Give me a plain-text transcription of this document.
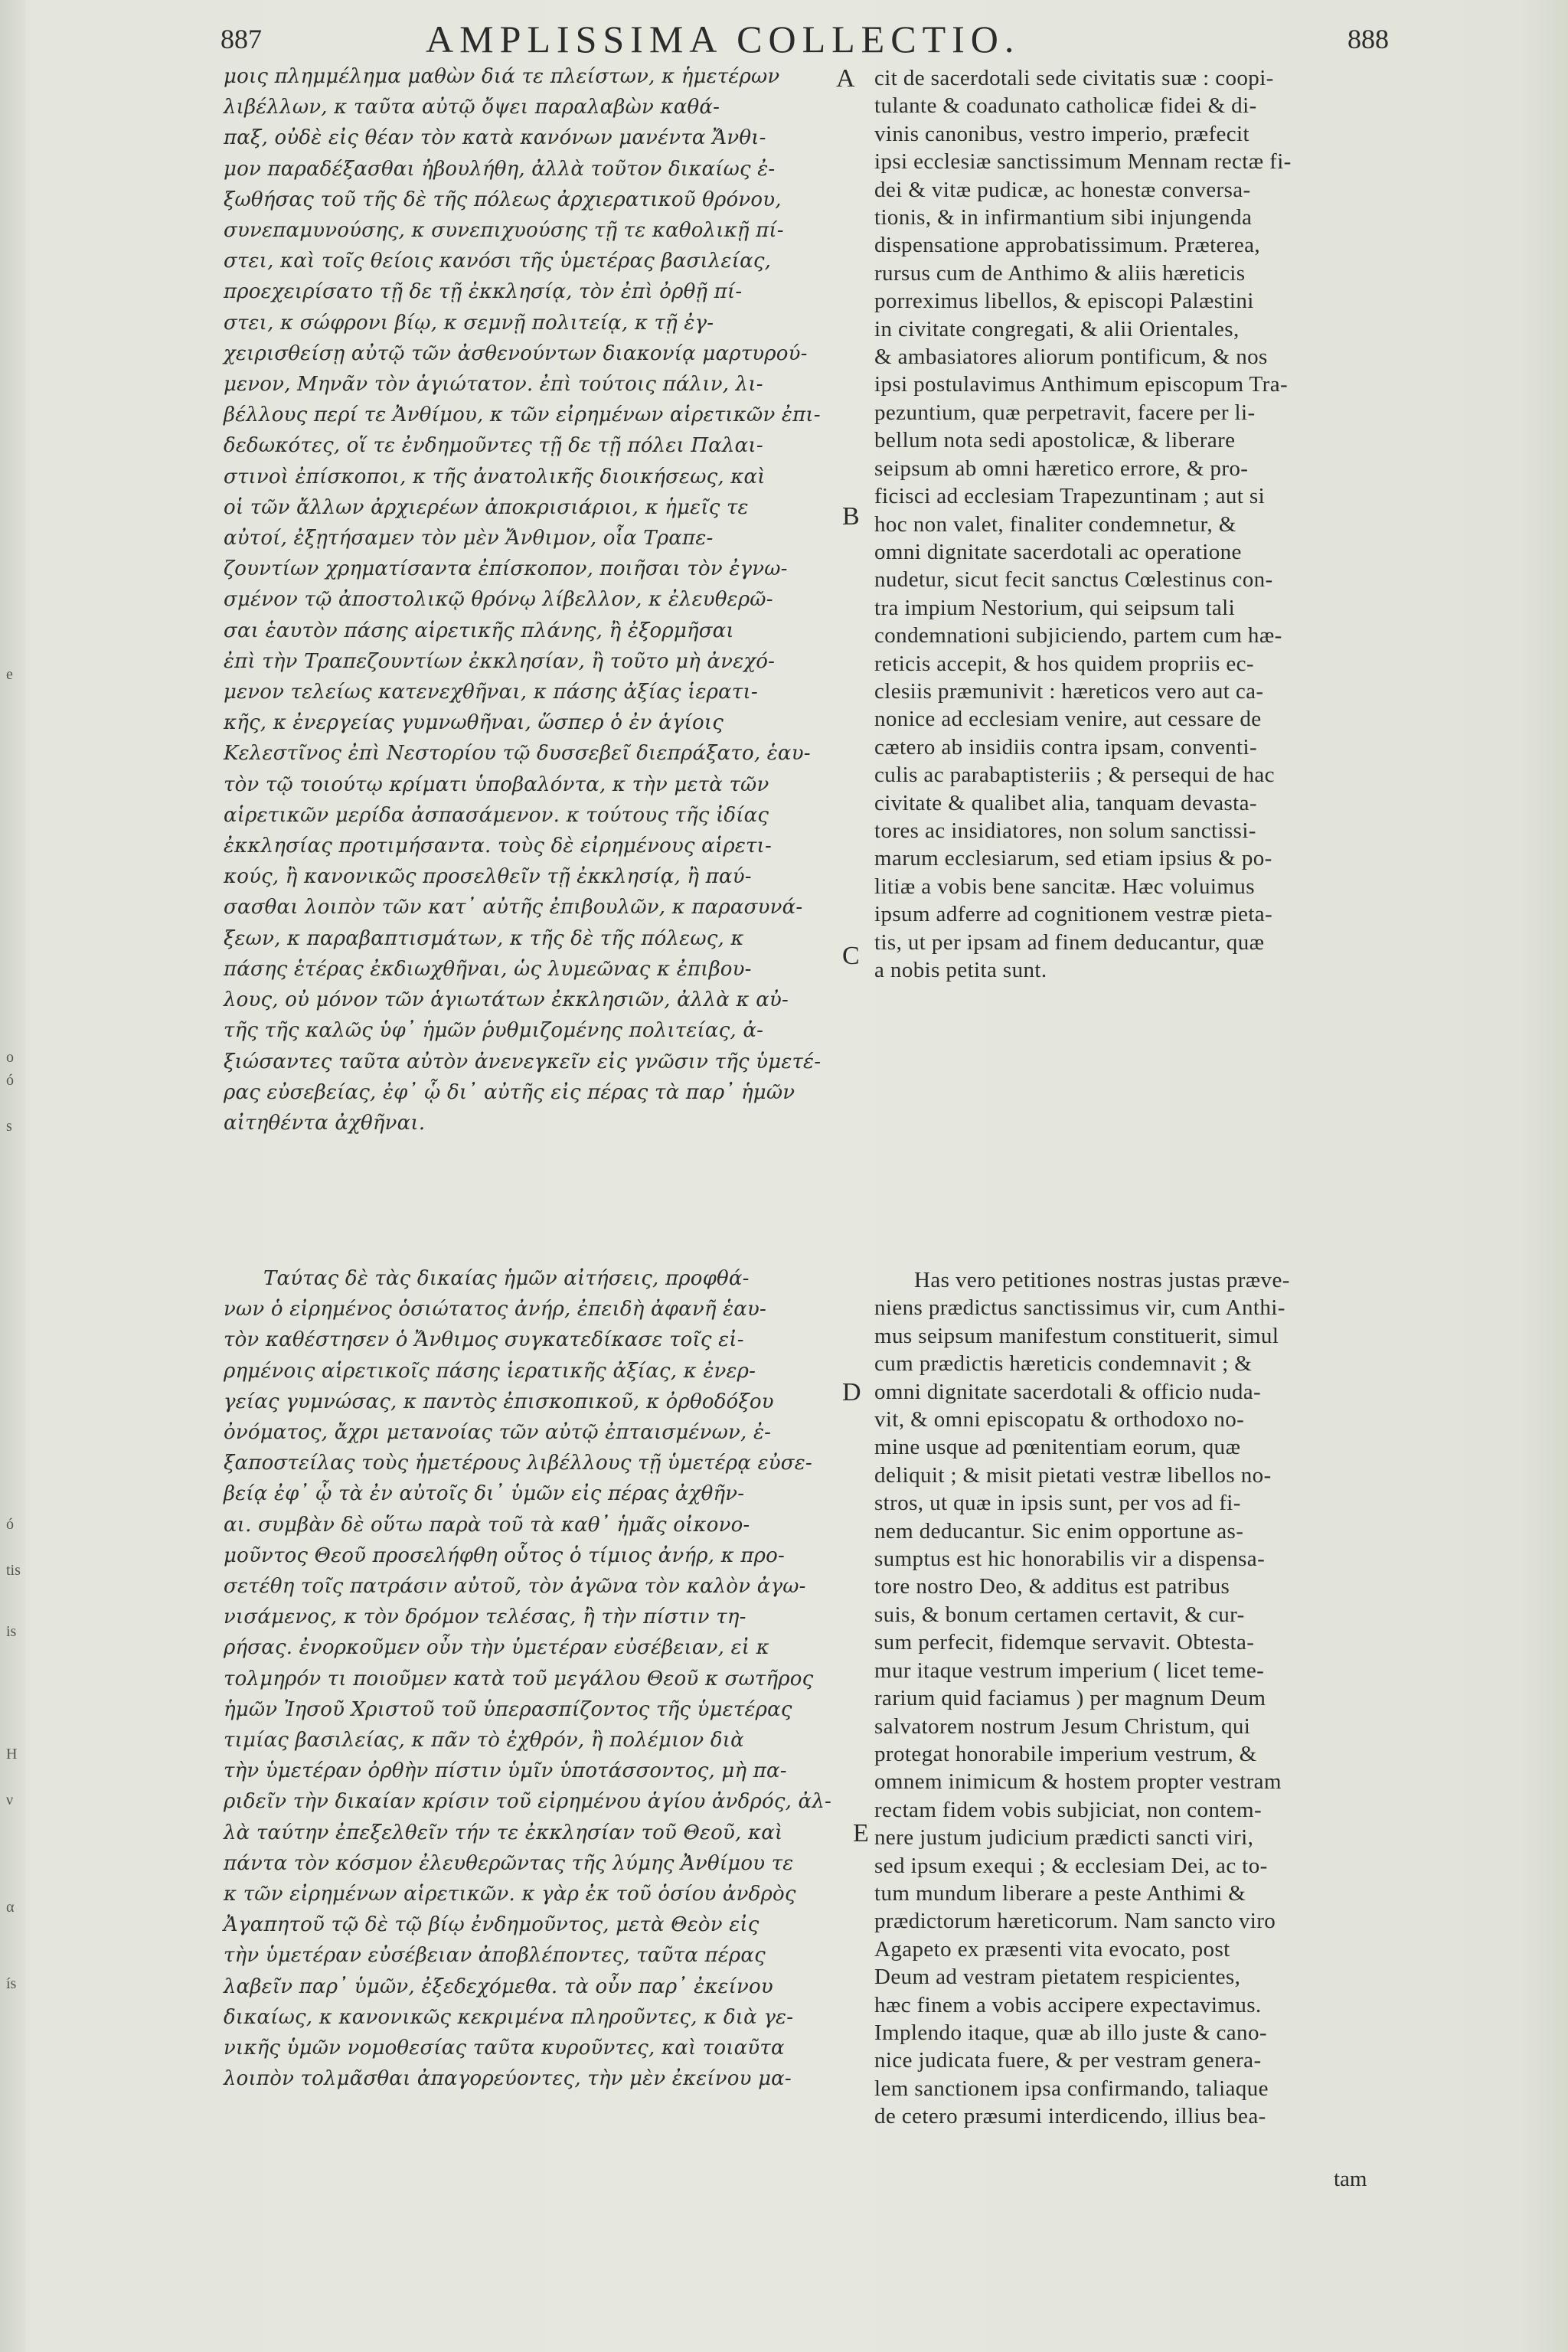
e
o
ó
s
ó
tis
is
H
ν
α
ís
887	AMPLISSIMA COLLECTIO.	888

μοις πλημμέλημα μαθὼν διά τε πλείστων, κ ἡμετέρων

λιβέλλων, κ ταῦτα αὐτῷ ὄψει παραλαβὼν καθά-

παξ, οὐδὲ εἰς θέαν τὸν κατὰ κανόνων μανέντα Ἄνθι-

μον παραδέξασθαι ἠβουλήθη, ἀλλὰ τοῦτον δικαίως ἐ-

ξωθήσας τοῦ τῆς δὲ τῆς πόλεως ἀρχιερατικοῦ θρόνου,

συνεπαμυνούσης, κ συνεπιχυούσης τῇ τε καθολικῇ πί-

στει, καὶ τοῖς θείοις κανόσι τῆς ὑμετέρας βασιλείας,

προεχειρίσατο τῇ δε τῇ ἐκκλησίᾳ, τὸν ἐπὶ ὀρθῇ πί-

στει, κ σώφρονι βίῳ, κ σεμνῇ πολιτείᾳ, κ τῇ ἐγ-

χειρισθείσῃ αὐτῷ τῶν ἀσθενούντων διακονίᾳ μαρτυρού-

μενον, Μηνᾶν τὸν ἁγιώτατον. ἐπὶ τούτοις πάλιν, λι-

βέλλους περί τε Ἀνθίμου, κ τῶν εἰρημένων αἱρετικῶν ἐπι-

δεδωκότες, οἵ τε ἐνδημοῦντες τῇ δε τῇ πόλει Παλαι-

στινοὶ ἐπίσκοποι, κ τῆς ἀνατολικῆς διοικήσεως, καὶ

οἱ τῶν ἄλλων ἀρχιερέων ἀποκρισιάριοι, κ ἡμεῖς τε

αὐτοί, ἐξῃτήσαμεν τὸν μὲν Ἄνθιμον, οἷα Τραπε-

ζουντίων χρηματίσαντα ἐπίσκοπον, ποιῆσαι τὸν ἐγνω-

σμένον τῷ ἀποστολικῷ θρόνῳ λίβελλον, κ ἐλευθερῶ-

σαι ἑαυτὸν πάσης αἱρετικῆς πλάνης, ἢ ἐξορμῆσαι

ἐπὶ τὴν Τραπεζουντίων ἐκκλησίαν, ἢ τοῦτο μὴ ἀνεχό-

μενον τελείως κατενεχθῆναι, κ πάσης ἀξίας ἱερατι-

κῆς, κ ἐνεργείας γυμνωθῆναι, ὥσπερ ὁ ἐν ἁγίοις

Κελεστῖνος ἐπὶ Νεστορίου τῷ δυσσεβεῖ διεπράξατο, ἑαυ-

τὸν τῷ τοιούτῳ κρίματι ὑποβαλόντα, κ τὴν μετὰ τῶν

αἱρετικῶν μερίδα ἀσπασάμενον. κ τούτους τῆς ἰδίας

ἐκκλησίας προτιμήσαντα. τοὺς δὲ εἰρημένους αἱρετι-

κούς, ἢ κανονικῶς προσελθεῖν τῇ ἐκκλησίᾳ, ἢ παύ-

σασθαι λοιπὸν τῶν κατ᾽ αὐτῆς ἐπιβουλῶν, κ παρασυνά-

ξεων, κ παραβαπτισμάτων, κ τῆς δὲ τῆς πόλεως, κ

πάσης ἑτέρας ἐκδιωχθῆναι, ὡς λυμεῶνας κ ἐπιβου-

λους, οὐ μόνον τῶν ἁγιωτάτων ἐκκλησιῶν, ἀλλὰ κ αὐ-

τῆς τῆς καλῶς ὑφ᾽ ἡμῶν ῥυθμιζομένης πολιτείας, ἀ-

ξιώσαντες ταῦτα αὐτὸν ἀνενεγκεῖν εἰς γνῶσιν τῆς ὑμετέ-

ρας εὐσεβείας, ἐφ᾽ ᾧ δι᾽ αὐτῆς εἰς πέρας τὰ παρ᾽ ἡμῶν

αἰτηθέντα ἀχθῆναι.

cit de sacerdotali sede civitatis suæ : coopi-

tulante & coadunato catholicæ fidei & di-

vinis canonibus, vestro imperio, præfecit

ipsi ecclesiæ sanctissimum Mennam rectæ fi-

dei & vitæ pudicæ, ac honestæ conversa-

tionis, & in infirmantium sibi injungenda

dispensatione approbatissimum. Præterea,

rursus cum de Anthimo & aliis hæreticis

porreximus libellos, & episcopi Palæstini

in civitate congregati, & alii Orientales,

& ambasiatores aliorum pontificum, & nos

ipsi postulavimus Anthimum episcopum Tra-

pezuntium, quæ perpetravit, facere per li-

bellum nota sedi apostolicæ, & liberare

seipsum ab omni hæretico errore, & pro-

ficisci ad ecclesiam Trapezuntinam ; aut si

hoc non valet, finaliter condemnetur, &

omni dignitate sacerdotali ac operatione

nudetur, sicut fecit sanctus Cœlestinus con-

tra impium Nestorium, qui seipsum tali

condemnationi subjiciendo, partem cum hæ-

reticis accepit, & hos quidem propriis ec-

clesiis præmunivit : hæreticos vero aut ca-

nonice ad ecclesiam venire, aut cessare de

cætero ab insidiis contra ipsam, conventi-

culis ac parabaptisteriis ; & persequi de hac

civitate & qualibet alia, tanquam devasta-

tores ac insidiatores, non solum sanctissi-

marum ecclesiarum, sed etiam ipsius & po-

litiæ a vobis bene sancitæ. Hæc voluimus

ipsum adferre ad cognitionem vestræ pieta-

tis, ut per ipsam ad finem deducantur, quæ

a nobis petita sunt.

Ταύτας δὲ τὰς δικαίας ἡμῶν αἰτήσεις, προφθά-

νων ὁ εἰρημένος ὁσιώτατος ἀνήρ, ἐπειδὴ ἀφανῆ ἑαυ-

τὸν καθέστησεν ὁ Ἄνθιμος συγκατεδίκασε τοῖς εἰ-

ρημένοις αἱρετικοῖς πάσης ἱερατικῆς ἀξίας, κ ἐνερ-

γείας γυμνώσας, κ παντὸς ἐπισκοπικοῦ, κ ὀρθοδόξου

ὀνόματος, ἄχρι μετανοίας τῶν αὐτῷ ἐπταισμένων, ἐ-

ξαποστείλας τοὺς ἡμετέρους λιβέλλους τῇ ὑμετέρᾳ εὐσε-

βείᾳ ἐφ᾽ ᾧ τὰ ἐν αὐτοῖς δι᾽ ὑμῶν εἰς πέρας ἀχθῆν-

αι. συμβὰν δὲ οὕτω παρὰ τοῦ τὰ καθ᾽ ἡμᾶς οἰκονο-

μοῦντος Θεοῦ προσελήφθη οὗτος ὁ τίμιος ἀνήρ, κ προ-

σετέθη τοῖς πατράσιν αὐτοῦ, τὸν ἀγῶνα τὸν καλὸν ἀγω-

νισάμενος, κ τὸν δρόμον τελέσας, ἢ τὴν πίστιν τη-

ρήσας. ἐνορκοῦμεν οὖν τὴν ὑμετέραν εὐσέβειαν, εἰ κ

τολμηρόν τι ποιοῦμεν κατὰ τοῦ μεγάλου Θεοῦ κ σωτῆρος

ἡμῶν Ἰησοῦ Χριστοῦ τοῦ ὑπερασπίζοντος τῆς ὑμετέρας

τιμίας βασιλείας, κ πᾶν τὸ ἐχθρόν, ἢ πολέμιον διὰ

τὴν ὑμετέραν ὀρθὴν πίστιν ὑμῖν ὑποτάσσοντος, μὴ πα-

ριδεῖν τὴν δικαίαν κρίσιν τοῦ εἰρημένου ἁγίου ἀνδρός, ἀλ-

λὰ ταύτην ἐπεξελθεῖν τήν τε ἐκκλησίαν τοῦ Θεοῦ, καὶ

πάντα τὸν κόσμον ἐλευθερῶντας τῆς λύμης Ἀνθίμου τε

κ τῶν εἰρημένων αἱρετικῶν. κ γὰρ ἐκ τοῦ ὁσίου ἀνδρὸς

Ἀγαπητοῦ τῷ δὲ τῷ βίῳ ἐνδημοῦντος, μετὰ Θεὸν εἰς

τὴν ὑμετέραν εὐσέβειαν ἀποβλέποντες, ταῦτα πέρας

λαβεῖν παρ᾽ ὑμῶν, ἐξεδεχόμεθα. τὰ οὖν παρ᾽ ἐκείνου

δικαίως, κ κανονικῶς κεκριμένα πληροῦντες, κ διὰ γε-

νικῆς ὑμῶν νομοθεσίας ταῦτα κυροῦντες, καὶ τοιαῦτα

λοιπὸν τολμᾶσθαι ἀπαγορεύοντες, τὴν μὲν ἐκείνου μα-

Has vero petitiones nostras justas præve-

niens prædictus sanctissimus vir, cum Anthi-

mus seipsum manifestum constituerit, simul

cum prædictis hæreticis condemnavit ; &

omni dignitate sacerdotali & officio nuda-

vit, & omni episcopatu & orthodoxo no-

mine usque ad pœnitentiam eorum, quæ

deliquit ; & misit pietati vestræ libellos no-

stros, ut quæ in ipsis sunt, per vos ad fi-

nem deducantur. Sic enim opportune as-

sumptus est hic honorabilis vir a dispensa-

tore nostro Deo, & additus est patribus

suis, & bonum certamen certavit, & cur-

sum perfecit, fidemque servavit. Obtesta-

mur itaque vestrum imperium ( licet teme-

rarium quid faciamus ) per magnum Deum

salvatorem nostrum Jesum Christum, qui

protegat honorabile imperium vestrum, &

omnem inimicum & hostem propter vestram

rectam fidem vobis subjiciat, non contem-

nere justum judicium prædicti sancti viri,

sed ipsum exequi ; & ecclesiam Dei, ac to-

tum mundum liberare a peste Anthimi &

prædictorum hæreticorum. Nam sancto viro

Agapeto ex præsenti vita evocato, post

Deum ad vestram pietatem respicientes,

hæc finem a vobis accipere expectavimus.

Implendo itaque, quæ ab illo juste & cano-

nice judicata fuere, & per vestram genera-

lem sanctionem ipsa confirmando, taliaque

de cetero præsumi interdicendo, illius bea-

A
B
C
D
E
tam
